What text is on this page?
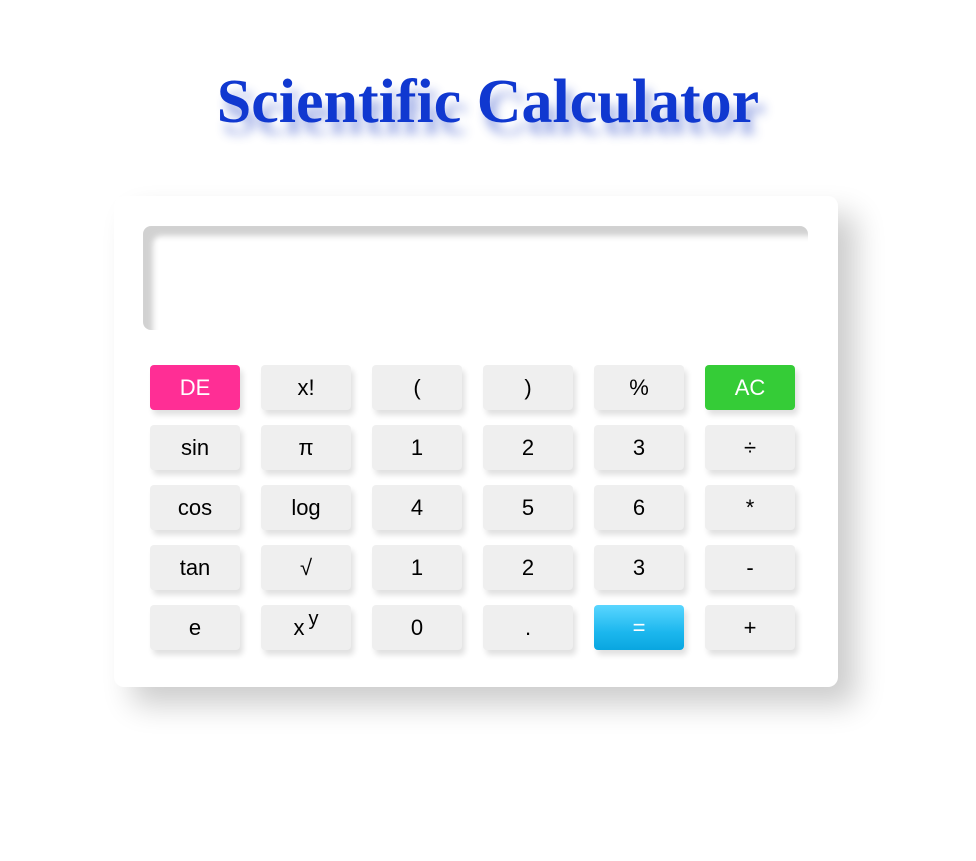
Scientific Calculator
DE	x!	(	)	%	AC
sin	π	1	2	3	÷
cos	log	4	5	6	*
tan	√	1	2	3	-
e	$x^y$	0	.	=	+
